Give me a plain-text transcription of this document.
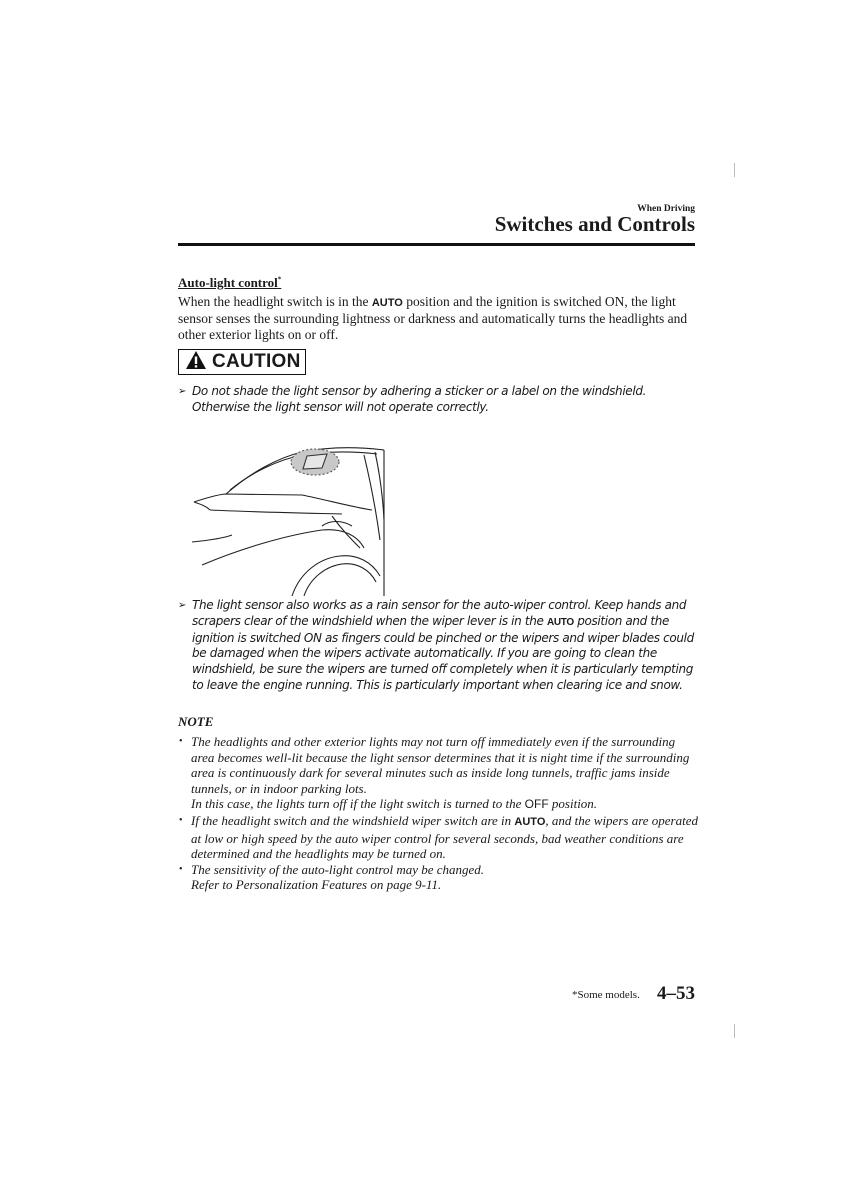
When Driving
Switches and Controls
Auto-light control*
When the headlight switch is in the AUTO position and the ignition is switched ON, the light sensor senses the surrounding lightness or darkness and automatically turns the headlights and other exterior lights on or off.
CAUTION
➢ Do not shade the light sensor by adhering a sticker or a label on the windshield. Otherwise the light sensor will not operate correctly.
➢ The light sensor also works as a rain sensor for the auto-wiper control. Keep hands and scrapers clear of the windshield when the wiper lever is in the AUTO position and the ignition is switched ON as fingers could be pinched or the wipers and wiper blades could be damaged when the wipers activate automatically. If you are going to clean the windshield, be sure the wipers are turned off completely when it is particularly tempting to leave the engine running. This is particularly important when clearing ice and snow.
NOTE
• The headlights and other exterior lights may not turn off immediately even if the surrounding area becomes well-lit because the light sensor determines that it is night time if the surrounding area is continuously dark for several minutes such as inside long tunnels, traffic jams inside tunnels, or in indoor parking lots.
In this case, the lights turn off if the light switch is turned to the OFF position.
• If the headlight switch and the windshield wiper switch are in AUTO, and the wipers are operated at low or high speed by the auto wiper control for several seconds, bad weather conditions are determined and the headlights may be turned on.
• The sensitivity of the auto-light control may be changed.
Refer to Personalization Features on page 9-11.
*Some models. 4–53
